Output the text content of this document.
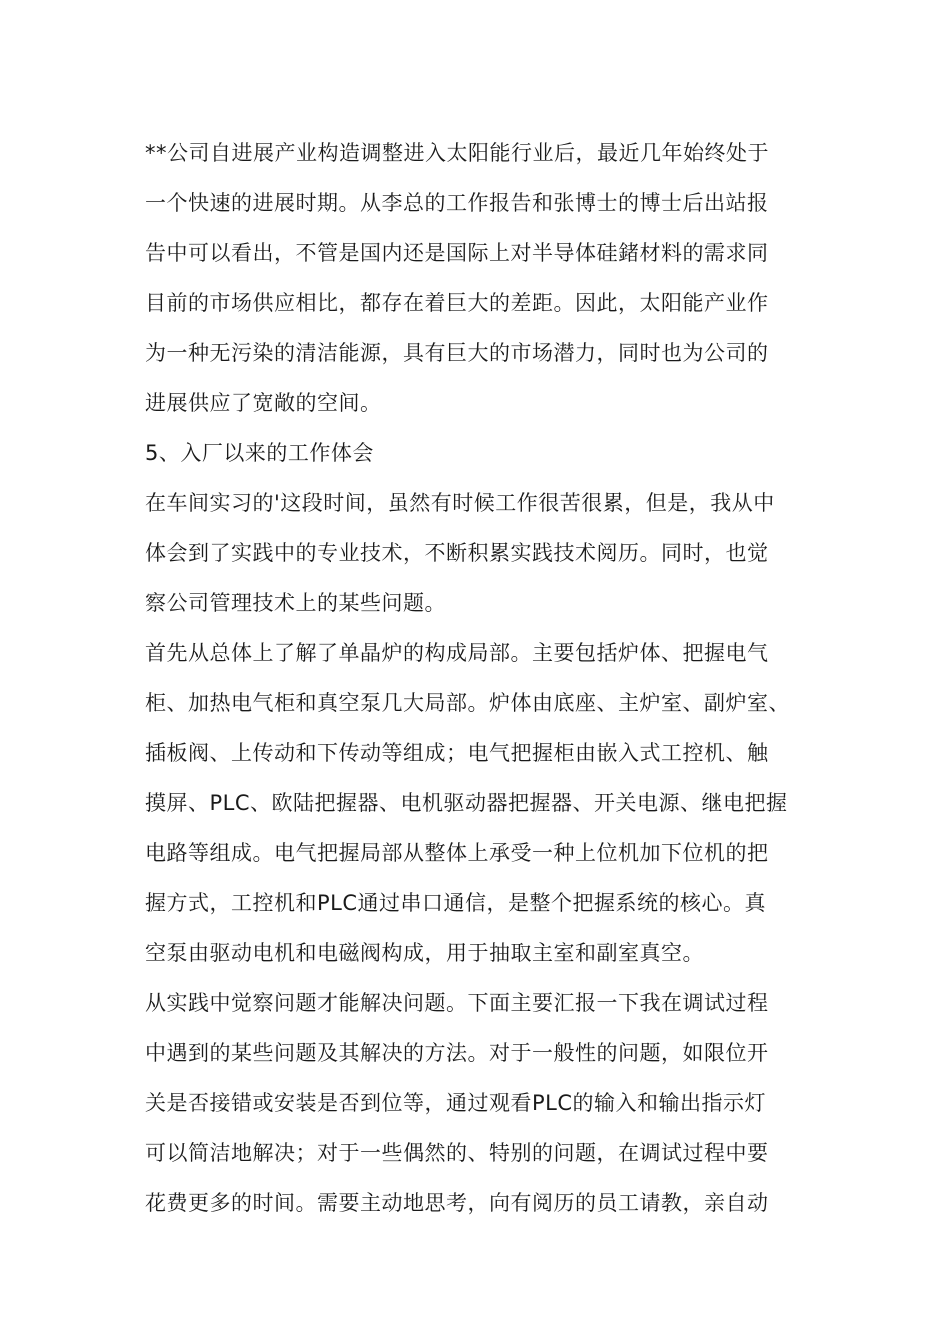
**公司自进展产业构造调整进入太阳能行业后，最近几年始终处于
一个快速的进展时期。从李总的工作报告和张博士的博士后出站报
告中可以看出，不管是国内还是国际上对半导体硅鍺材料的需求同
目前的市场供应相比，都存在着巨大的差距。因此，太阳能产业作
为一种无污染的清洁能源，具有巨大的市场潜力，同时也为公司的
进展供应了宽敞的空间。
5、入厂以来的工作体会
在车间实习的'这段时间，虽然有时候工作很苦很累，但是，我从中
体会到了实践中的专业技术，不断积累实践技术阅历。同时，也觉
察公司管理技术上的某些问题。
首先从总体上了解了单晶炉的构成局部。主要包括炉体、把握电气
柜、加热电气柜和真空泵几大局部。炉体由底座、主炉室、副炉室、
插板阀、上传动和下传动等组成；电气把握柜由嵌入式工控机、触
摸屏、PLC、欧陆把握器、电机驱动器把握器、开关电源、继电把握
电路等组成。电气把握局部从整体上承受一种上位机加下位机的把
握方式，工控机和PLC通过串口通信，是整个把握系统的核心。真
空泵由驱动电机和电磁阀构成，用于抽取主室和副室真空。
从实践中觉察问题才能解决问题。下面主要汇报一下我在调试过程
中遇到的某些问题及其解决的方法。对于一般性的问题，如限位开
关是否接错或安装是否到位等，通过观看PLC的输入和输出指示灯
可以简洁地解决；对于一些偶然的、特别的问题，在调试过程中要
花费更多的时间。需要主动地思考，向有阅历的员工请教，亲自动
